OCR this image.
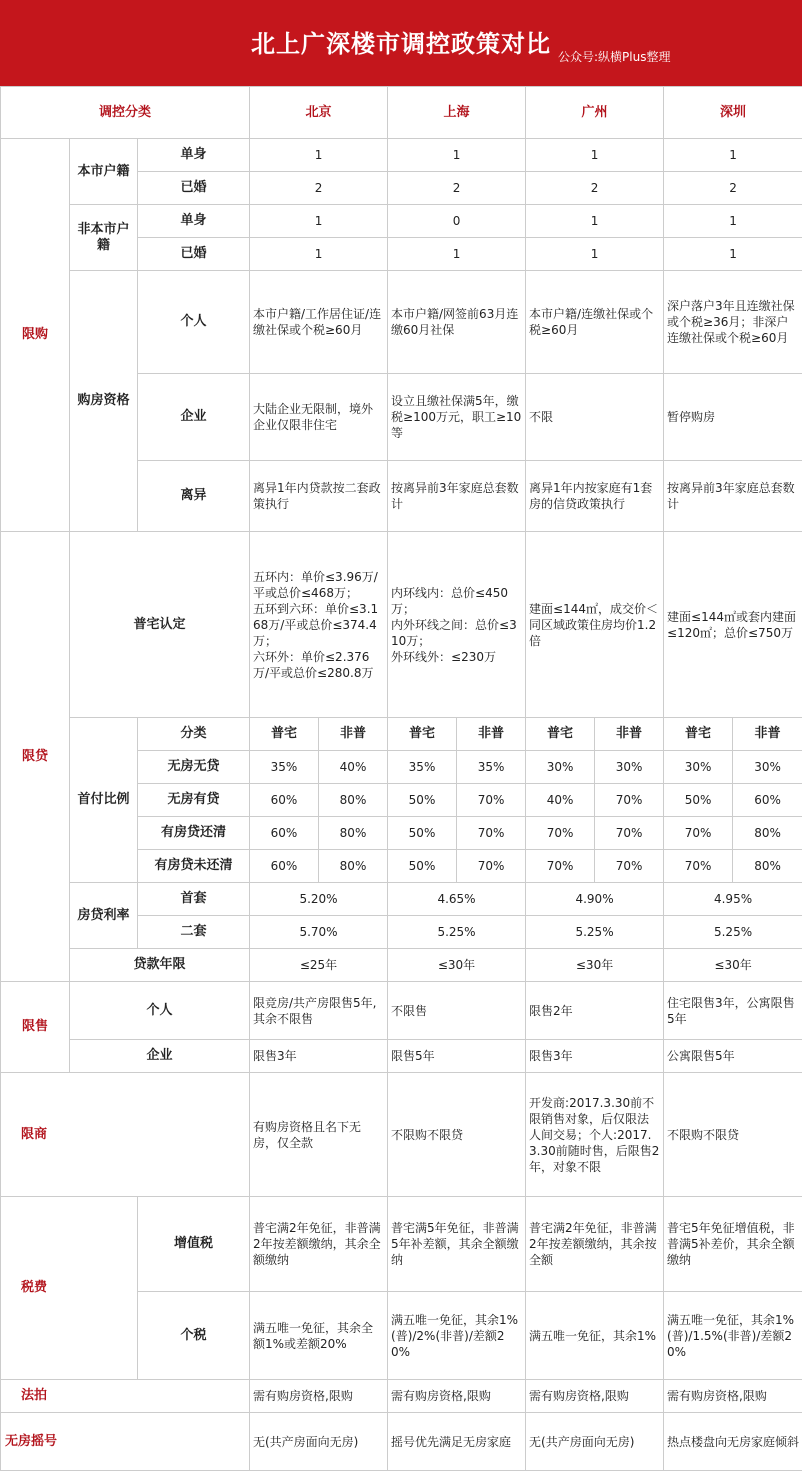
北上广深楼市调控政策对比 公众号:纵横Plus整理
调控分类			北京		上海		广州		深圳	
限购	本市户籍	单身	1		1		1		1	
		已婚	2		2		2		2	
	非本市户籍	单身	1		0		1		1	
		已婚	1		1		1		1	
	购房资格	个人	本市户籍/工作居住证/连缴社保或个税≥60月		本市户籍/网签前63月连缴60月社保		本市户籍/连缴社保或个税≥60月		深户落户3年且连缴社保或个税≥36月；非深户连缴社保或个税≥60月	
		企业	大陆企业无限制，境外企业仅限非住宅		设立且缴社保满5年，缴税≥100万元，职工≥10等		不限		暂停购房	
		离异	离异1年内贷款按二套政策执行		按离异前3年家庭总套数计		离异1年内按家庭有1套房的信贷政策执行		按离异前3年家庭总套数计	
限贷	普宅认定		五环内：单价≤3.96万/平或总价≤468万；
五环到六环：单价≤3.168万/平或总价≤374.4万；
六环外：单价≤2.376万/平或总价≤280.8万		内环线内：总价≤450万；
内外环线之间：总价≤310万；
外环线外：≤230万		建面≤144㎡，成交价＜同区域政策住房均价1.2倍		建面≤144㎡或套内建面≤120㎡；总价≤750万	
	首付比例	分类	普宅	非普	普宅	非普	普宅	非普	普宅	非普
		无房无贷	35%	40%	35%	35%	30%	30%	30%	30%
		无房有贷	60%	80%	50%	70%	40%	70%	50%	60%
		有房贷还清	60%	80%	50%	70%	70%	70%	70%	80%
		有房贷未还清	60%	80%	50%	70%	70%	70%	70%	80%
	房贷利率	首套	5.20%		4.65%		4.90%		4.95%	
		二套	5.70%		5.25%		5.25%		5.25%	
	贷款年限		≤25年		≤30年		≤30年		≤30年	
限售	个人		限竞房/共产房限售5年,其余不限售		不限售		限售2年		住宅限售3年，公寓限售5年	
	企业		限售3年		限售5年		限售3年		公寓限售5年	
限商			有购房资格且名下无房，仅全款		不限购不限贷		开发商:2017.3.30前不限销售对象，后仅限法人间交易；个人:2017.3.30前随时售，后限售2年，对象不限		不限购不限贷	
税费		增值税	普宅满2年免征，非普满2年按差额缴纳，其余全额缴纳		普宅满5年免征，非普满5年补差额，其余全额缴纳		普宅满2年免征，非普满2年按差额缴纳，其余按全额		普宅5年免征增值税，非普满5补差价，其余全额缴纳	
		个税	满五唯一免征，其余全额1%或差额20%		满五唯一免征，其余1%(普)/2%(非普)/差额20%		满五唯一免征，其余1%		满五唯一免征，其余1%(普)/1.5%(非普)/差额20%	
法拍			需有购房资格,限购		需有购房资格,限购		需有购房资格,限购		需有购房资格,限购	
无房摇号			无(共产房面向无房)		摇号优先满足无房家庭		无(共产房面向无房)		热点楼盘向无房家庭倾斜	
